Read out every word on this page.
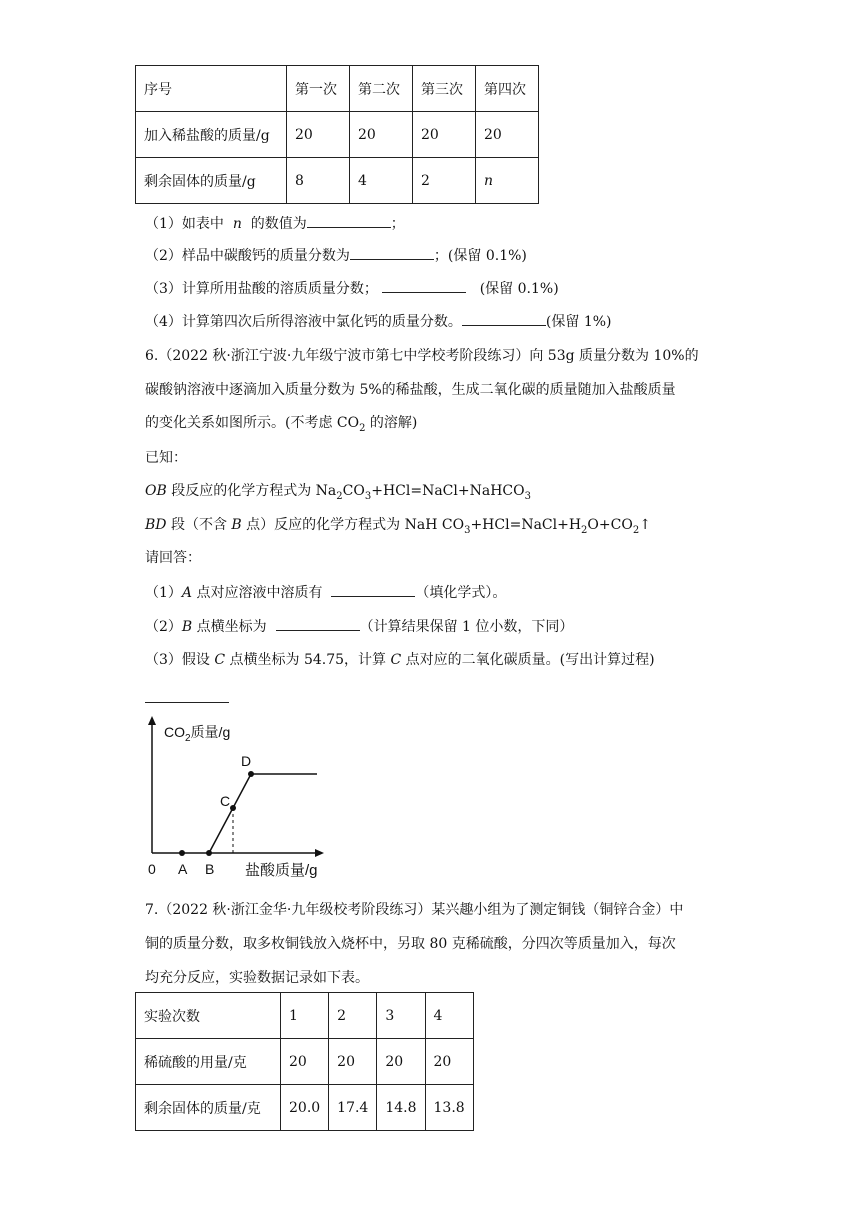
序号	第一次	第二次	第三次	第四次
加入稀盐酸的质量/g	20	20	20	20
剩余固体的质量/g	8	4	2	n
（1）如表中 n 的数值为	；
（2）样品中碳酸钙的质量分数为	；(保留 0.1%)
（3）计算所用盐酸的溶质质量分数；	(保留 0.1%)
（4）计算第四次后所得溶液中氯化钙的质量分数。	(保留 1%)
6.（2022 秋·浙江宁波·九年级宁波市第七中学校考阶段练习）向 53g 质量分数为 10%的
碳酸钠溶液中逐滴加入质量分数为 5%的稀盐酸，生成二氧化碳的质量随加入盐酸质量
的变化关系如图所示。(不考虑 $CO_2$ 的溶解)
已知：
OB 段反应的化学方程式为 $Na_2CO_3+HCl=NaCl+NaHCO_3$
BD 段（不含 B 点）反应的化学方程式为 NaH $CO_3+HCl=NaCl+H_2O+CO_2↑$
请回答：
（1）A 点对应溶液中溶质有	（填化学式）。
（2）B 点横坐标为	（计算结果保留 1 位小数，下同）
（3）假设 C 点横坐标为 54.75，计算 C 点对应的二氧化碳质量。(写出计算过程)
0 A B
C
D
盐酸质量/g
$CO_2$质量/g
7.（2022 秋·浙江金华·九年级校考阶段练习）某兴趣小组为了测定铜钱（铜锌合金）中
铜的质量分数，取多枚铜钱放入烧杯中，另取 80 克稀硫酸，分四次等质量加入，每次
均充分反应，实验数据记录如下表。
实验次数	1	2	3	4
稀硫酸的用量/克	20	20	20	20
剩余固体的质量/克	20.0	17.4	14.8	13.8
